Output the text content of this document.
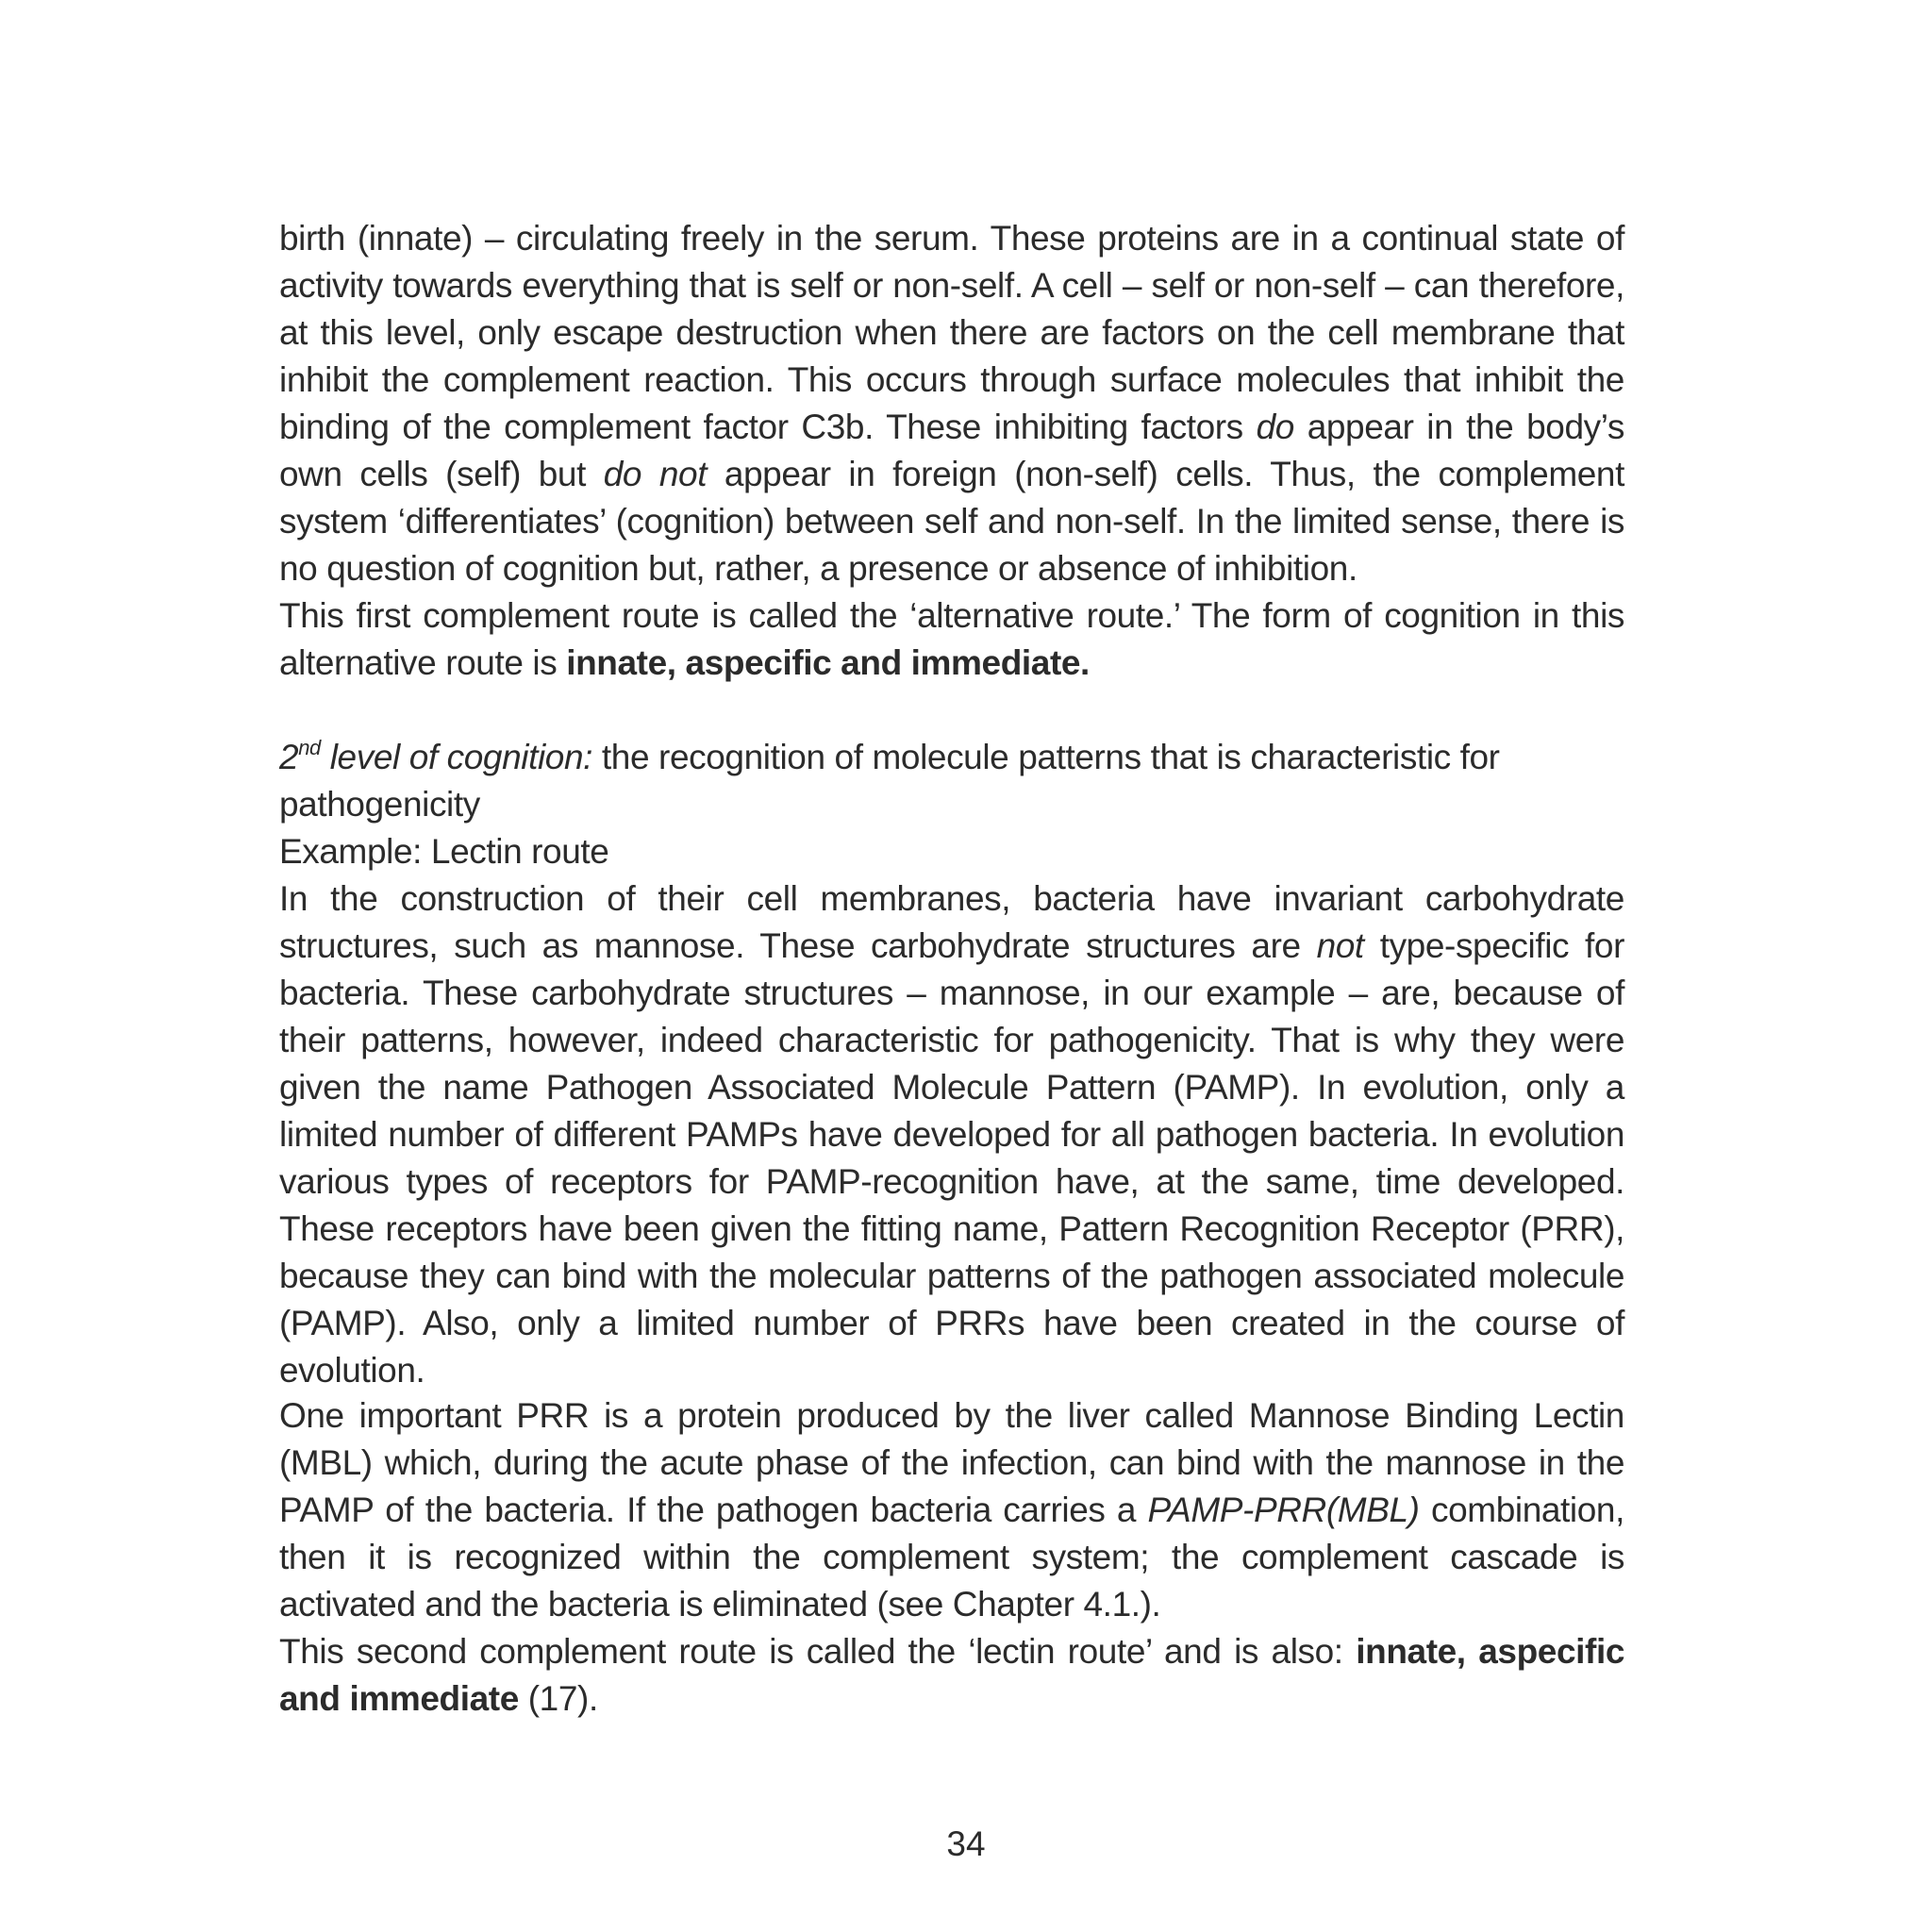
birth (innate) – circulating freely in the serum. These proteins are in a continual state of activity towards everything that is self or non-self. A cell – self or non-self – can therefore, at this level, only escape destruction when there are factors on the cell membrane that inhibit the complement reaction. This occurs through surface molecules that inhibit the binding of the complement factor C3b. These inhibiting factors do appear in the body’s own cells (self) but do not appear in foreign (non-self) cells. Thus, the complement system ‘differentiates’ (cognition) between self and non-self. In the limited sense, there is no question of cognition but, rather, a presence or absence of inhibition.

This first complement route is called the ‘alternative route.’ The form of cognition in this alternative route is innate, aspecific and immediate.

2nd level of cognition: the recognition of molecule patterns that is characteristic for pathogenicity

Example: Lectin route

In the construction of their cell membranes, bacteria have invariant carbohydrate structures, such as mannose. These carbohydrate structures are not type-specific for bacteria. These carbohydrate structures – mannose, in our example – are, because of their patterns, however, indeed characteristic for pathogenicity. That is why they were given the name Pathogen Associated Molecule Pattern (PAMP). In evolution, only a limited number of different PAMPs have developed for all pathogen bacteria. In evolution various types of receptors for PAMP-recognition have, at the same, time developed. These receptors have been given the fitting name, Pattern Recognition Receptor (PRR), because they can bind with the molecular patterns of the pathogen associated molecule (PAMP). Also, only a limited number of PRRs have been created in the course of evolution.

One important PRR is a protein produced by the liver called Mannose Binding Lectin (MBL) which, during the acute phase of the infection, can bind with the mannose in the PAMP of the bacteria. If the pathogen bacteria carries a PAMP-PRR(MBL) combination, then it is recognized within the complement system; the complement cascade is activated and the bacteria is eliminated (see Chapter 4.1.).

This second complement route is called the ‘lectin route’ and is also: innate, aspecific and immediate (17).

34
